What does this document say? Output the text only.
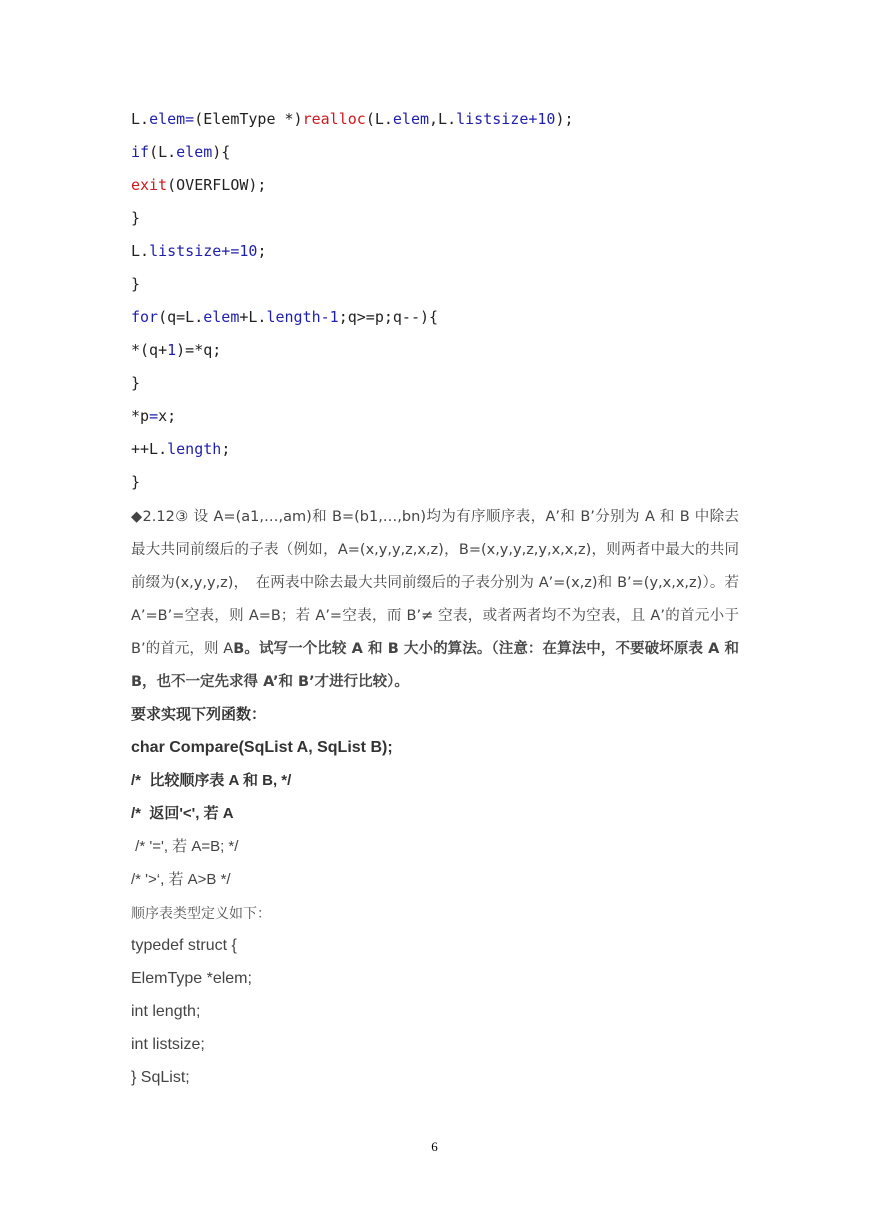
L.elem=(ElemType *)realloc(L.elem,L.listsize+10);
if(L.elem){
exit(OVERFLOW);
}
L.listsize+=10;
}
for(q=L.elem+L.length-1;q>=p;q--){
*(q+1)=*q;
}
*p=x;
++L.length;
}
◆2.12③ 设 A=(a1,…,am)和 B=(b1,…,bn)均为有序顺序表，A’和 B’分别为 A 和 B 中除去最大共同前缀后的子表（例如，A=(x,y,y,z,x,z)，B=(x,y,y,z,y,x,x,z)，则两者中最大的共同前缀为(x,y,y,z)，　在两表中除去最大共同前缀后的子表分别为 A’=(x,z)和 B’=(y,x,x,z)）。若 A’=B’=空表，则 A=B；若 A’=空表，而 B’≠ 空表，或者两者均不为空表，且 A’的首元小于 B’的首元，则 AB。试写一个比较 A 和 B 大小的算法。（注意：在算法中，不要破坏原表 A 和 B，也不一定先求得 A’和 B’才进行比较）。
要求实现下列函数：
char Compare(SqList A, SqList B);
/*  比较顺序表 A 和 B, */
/*  返回'<', 若 A
/* '=', 若 A=B; */
/* '>‘, 若 A>B */
顺序表类型定义如下：
typedef struct {
ElemType *elem;
int length;
int listsize;
} SqList;
6
